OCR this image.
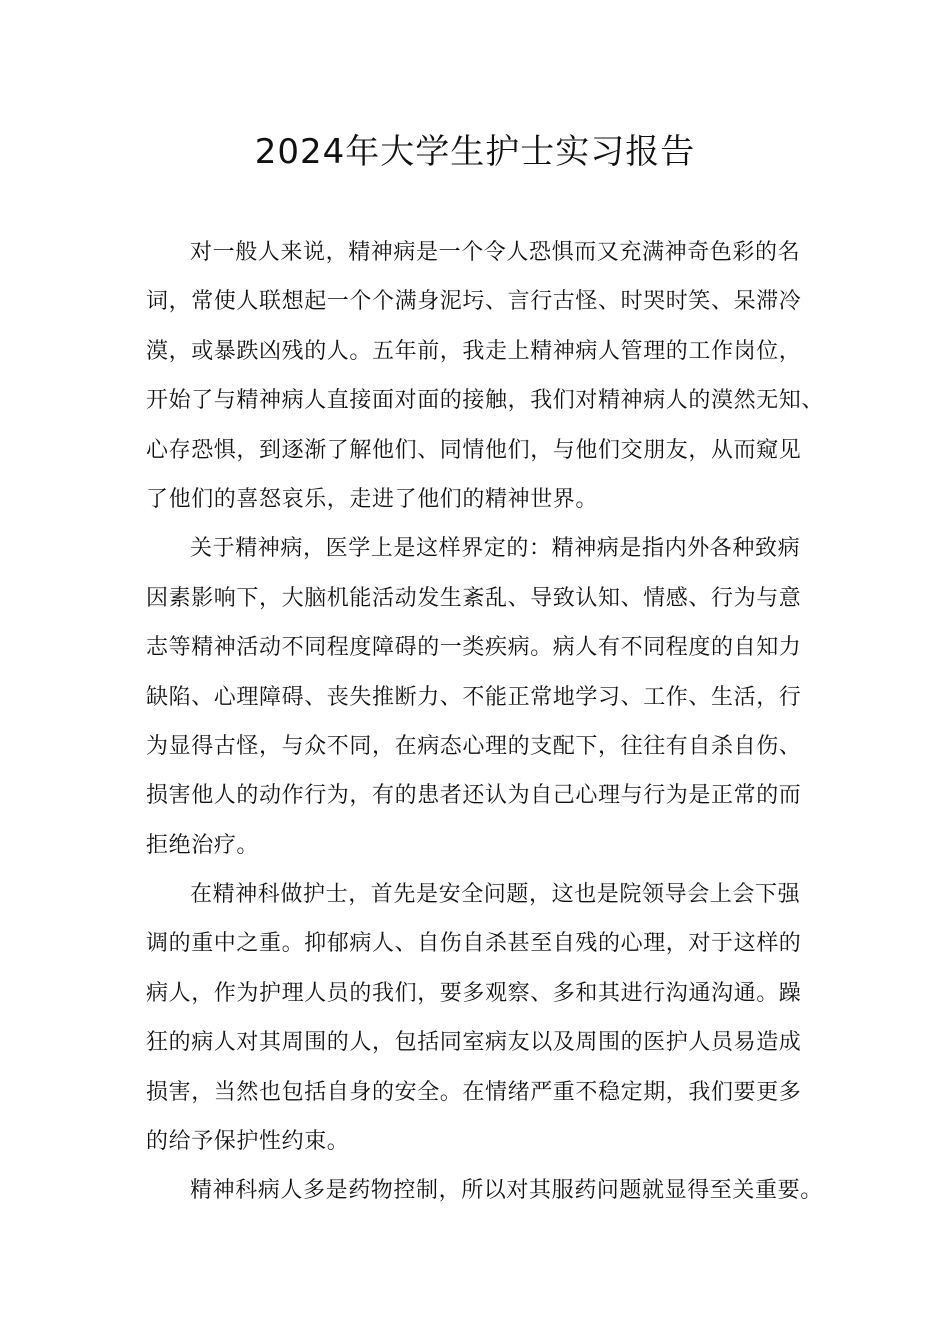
2024年大学生护士实习报告
对一般人来说，精神病是一个令人恐惧而又充满神奇色彩的名
词，常使人联想起一个个满身泥圬、言行古怪、时哭时笑、呆滞冷
漠，或暴跌凶残的人。五年前，我走上精神病人管理的工作岗位，
开始了与精神病人直接面对面的接触，我们对精神病人的漠然无知、
心存恐惧，到逐渐了解他们、同情他们，与他们交朋友，从而窥见
了他们的喜怒哀乐，走进了他们的精神世界。
关于精神病，医学上是这样界定的：精神病是指内外各种致病
因素影响下，大脑机能活动发生紊乱、导致认知、情感、行为与意
志等精神活动不同程度障碍的一类疾病。病人有不同程度的自知力
缺陷、心理障碍、丧失推断力、不能正常地学习、工作、生活，行
为显得古怪，与众不同，在病态心理的支配下，往往有自杀自伤、
损害他人的动作行为，有的患者还认为自己心理与行为是正常的而
拒绝治疗。
在精神科做护士，首先是安全问题，这也是院领导会上会下强
调的重中之重。抑郁病人、自伤自杀甚至自残的心理，对于这样的
病人，作为护理人员的我们，要多观察、多和其进行沟通沟通。躁
狂的病人对其周围的人，包括同室病友以及周围的医护人员易造成
损害，当然也包括自身的安全。在情绪严重不稳定期，我们要更多
的给予保护性约束。
精神科病人多是药物控制，所以对其服药问题就显得至关重要。
